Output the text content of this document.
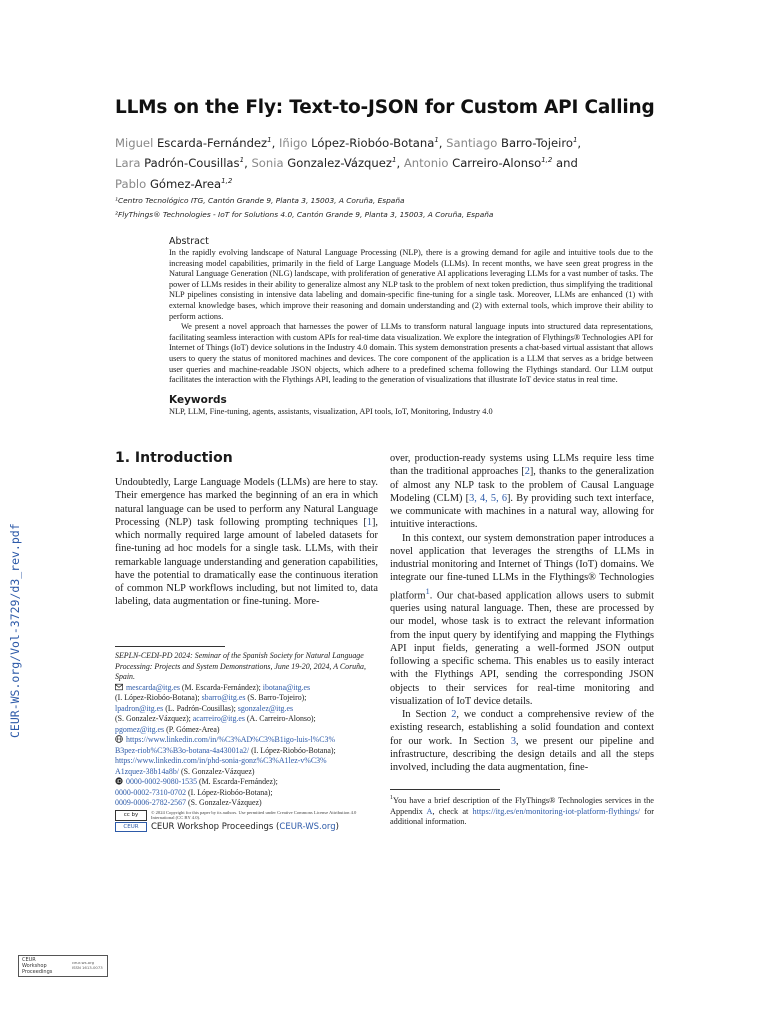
LLMs on the Fly: Text-to-JSON for Custom API Calling
Miguel Escarda-Fernández$^1$, Iñigo López-Riobóo-Botana$^1$, Santiago Barro-Tojeiro$^1$,
Lara Padrón-Cousillas$^1$, Sonia Gonzalez-Vázquez$^1$, Antonio Carreiro-Alonso$^{1,2}$ and
Pablo Gómez-Area$^{1,2}$
¹Centro Tecnológico ITG, Cantón Grande 9, Planta 3, 15003, A Coruña, España
²FlyThings® Technologies - IoT for Solutions 4.0, Cantón Grande 9, Planta 3, 15003, A Coruña, España
Abstract

In the rapidly evolving landscape of Natural Language Processing (NLP), there is a growing demand for agile and intuitive tools due to the increasing model capabilities, primarily in the field of Large Language Models (LLMs). In recent months, we have seen great progress in the Natural Language Generation (NLG) landscape, with proliferation of generative AI applications leveraging LLMs for a vast number of tasks. The power of LLMs resides in their ability to generalize almost any NLP task to the problem of next token prediction, thus simplifying the traditional NLP pipelines consisting in intensive data labeling and domain-specific fine-tuning for a single task. Moreover, LLMs are enhanced (1) with external knowledge bases, which improve their reasoning and domain understanding and (2) with external tools, which improve their ability to perform actions.

We present a novel approach that harnesses the power of LLMs to transform natural language inputs into structured data representations, facilitating seamless interaction with custom APIs for real-time data visualization. We explore the integration of Flythings® Technologies API for Internet of Things (IoT) device solutions in the Industry 4.0 domain. This system demonstration presents a chat-based virtual assistant that allows users to query the status of monitored machines and devices. The core component of the application is a LLM that serves as a bridge between user queries and machine-readable JSON objects, which adhere to a predefined schema following the Flythings standard. Our LLM output facilitates the interaction with the Flythings API, leading to the generation of visualizations that illustrate IoT device status in real time.

Keywords
NLP, LLM, Fine-tuning, agents, assistants, visualization, API tools, IoT, Monitoring, Industry 4.0
1. Introduction

Undoubtedly, Large Language Models (LLMs) are here to stay. Their emergence has marked the beginning of an era in which natural language can be used to perform any Natural Language Processing (NLP) task following prompting techniques [1], which normally required large amount of labeled datasets for fine-tuning ad hoc models for a single task. LLMs, with their remarkable language understanding and generation capabilities, have the potential to dramatically ease the continuous iteration of common NLP workflows including, but not limited to, data labeling, data augmentation or fine-tuning. More-

SEPLN-CEDI-PD 2024: Seminar of the Spanish Society for Natural Language Processing: Projects and System Demonstrations, June 19-20, 2024, A Coruña, Spain.
mescarda@itg.es (M. Escarda-Fernández); ibotana@itg.es
(I. López-Riobóo-Botana); sbarro@itg.es (S. Barro-Tojeiro);
lpadron@itg.es (L. Padrón-Cousillas); sgonzalez@itg.es
(S. Gonzalez-Vázquez); acarreiro@itg.es (A. Carreiro-Alonso);
pgomez@itg.es (P. Gómez-Area)
https://www.linkedin.com/in/%C3%AD%C3%B1igo-luis-l%C3%
B3pez-riob%C3%B3o-botana-4a43001a2/ (I. López-Riobóo-Botana);
https://www.linkedin.com/in/phd-sonia-gonz%C3%A1lez-v%C3%
A1zquez-38b14a8b/ (S. Gonzalez-Vázquez)
iD 0000-0002-9080-1535 (M. Escarda-Fernández);
0000-0002-7310-0702 (I. López-Riobóo-Botana);
0009-0006-2782-2567 (S. Gonzalez-Vázquez)
cc by	© 2024 Copyright for this paper by its authors. Use permitted under Creative Commons License Attribution 4.0 International (CC BY 4.0).
CEUR	CEUR Workshop Proceedings (CEUR-WS.org)

over, production-ready systems using LLMs require less time than the traditional approaches [2], thanks to the generalization of almost any NLP task to the problem of Causal Language Modeling (CLM) [3, 4, 5, 6]. By providing such text interface, we communicate with machines in a natural way, allowing for intuitive interactions.

In this context, our system demonstration paper introduces a novel application that leverages the strengths of LLMs in industrial monitoring and Internet of Things (IoT) domains. We integrate our fine-tuned LLMs in the Flythings® Technologies platform$^1$. Our chat-based application allows users to submit queries using natural language. Then, these are processed by our model, whose task is to extract the relevant information from the input query by identifying and mapping the Flythings API input fields, generating a well-formed JSON output following a specific schema. This enables us to easily interact with the Flythings API, sending the corresponding JSON objects to their services for real-time monitoring and visualization of IoT device details.

In Section 2, we conduct a comprehensive review of the existing research, establishing a solid foundation and context for our work. In Section 3, we present our pipeline and infrastructure, describing the design details and all the steps involved, including the data augmentation, fine-

$^1$You have a brief description of the FlyThings® Technologies services in the Appendix A, check at https://itg.es/en/monitoring-iot-platform-flythings/ for additional information.
CEUR-WS.org/Vol-3729/d3_rev.pdf
CEUR
Workshop
Proceedings
ceur-ws.org
ISSN 1613-0073
